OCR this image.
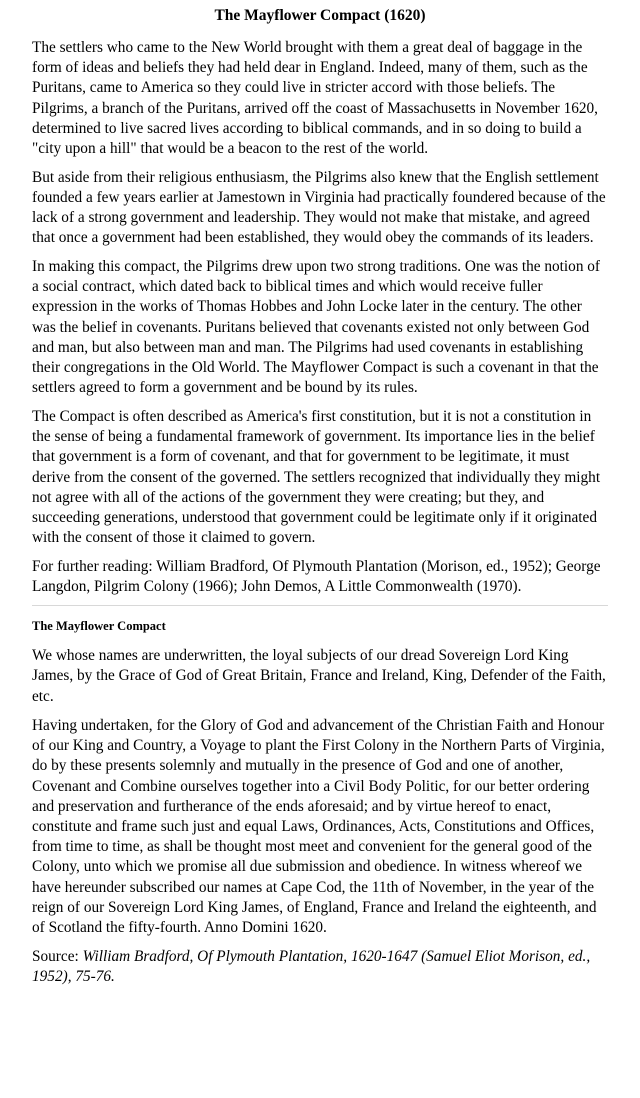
The Mayflower Compact (1620)

The settlers who came to the New World brought with them a great deal of baggage in the form of ideas and beliefs they had held dear in England. Indeed, many of them, such as the Puritans, came to America so they could live in stricter accord with those beliefs. The Pilgrims, a branch of the Puritans, arrived off the coast of Massachusetts in November 1620, determined to live sacred lives according to biblical commands, and in so doing to build a "city upon a hill" that would be a beacon to the rest of the world.

But aside from their religious enthusiasm, the Pilgrims also knew that the English settlement founded a few years earlier at Jamestown in Virginia had practically foundered because of the lack of a strong government and leadership. They would not make that mistake, and agreed that once a government had been established, they would obey the commands of its leaders.

In making this compact, the Pilgrims drew upon two strong traditions. One was the notion of a social contract, which dated back to biblical times and which would receive fuller expression in the works of Thomas Hobbes and John Locke later in the century. The other was the belief in covenants. Puritans believed that covenants existed not only between God and man, but also between man and man. The Pilgrims had used covenants in establishing their congregations in the Old World. The Mayflower Compact is such a covenant in that the settlers agreed to form a government and be bound by its rules.

The Compact is often described as America's first constitution, but it is not a constitution in the sense of being a fundamental framework of government. Its importance lies in the belief that government is a form of covenant, and that for government to be legitimate, it must derive from the consent of the governed. The settlers recognized that individually they might not agree with all of the actions of the government they were creating; but they, and succeeding generations, understood that government could be legitimate only if it originated with the consent of those it claimed to govern.

For further reading: William Bradford, Of Plymouth Plantation (Morison, ed., 1952); George Langdon, Pilgrim Colony (1966); John Demos, A Little Commonwealth (1970).

The Mayflower Compact

We whose names are underwritten, the loyal subjects of our dread Sovereign Lord King James, by the Grace of God of Great Britain, France and Ireland, King, Defender of the Faith, etc.

Having undertaken, for the Glory of God and advancement of the Christian Faith and Honour of our King and Country, a Voyage to plant the First Colony in the Northern Parts of Virginia, do by these presents solemnly and mutually in the presence of God and one of another, Covenant and Combine ourselves together into a Civil Body Politic, for our better ordering and preservation and furtherance of the ends aforesaid; and by virtue hereof to enact, constitute and frame such just and equal Laws, Ordinances, Acts, Constitutions and Offices, from time to time, as shall be thought most meet and convenient for the general good of the Colony, unto which we promise all due submission and obedience. In witness whereof we have hereunder subscribed our names at Cape Cod, the 11th of November, in the year of the reign of our Sovereign Lord King James, of England, France and Ireland the eighteenth, and of Scotland the fifty-fourth. Anno Domini 1620.

Source: William Bradford, Of Plymouth Plantation, 1620-1647 (Samuel Eliot Morison, ed., 1952), 75-76.
